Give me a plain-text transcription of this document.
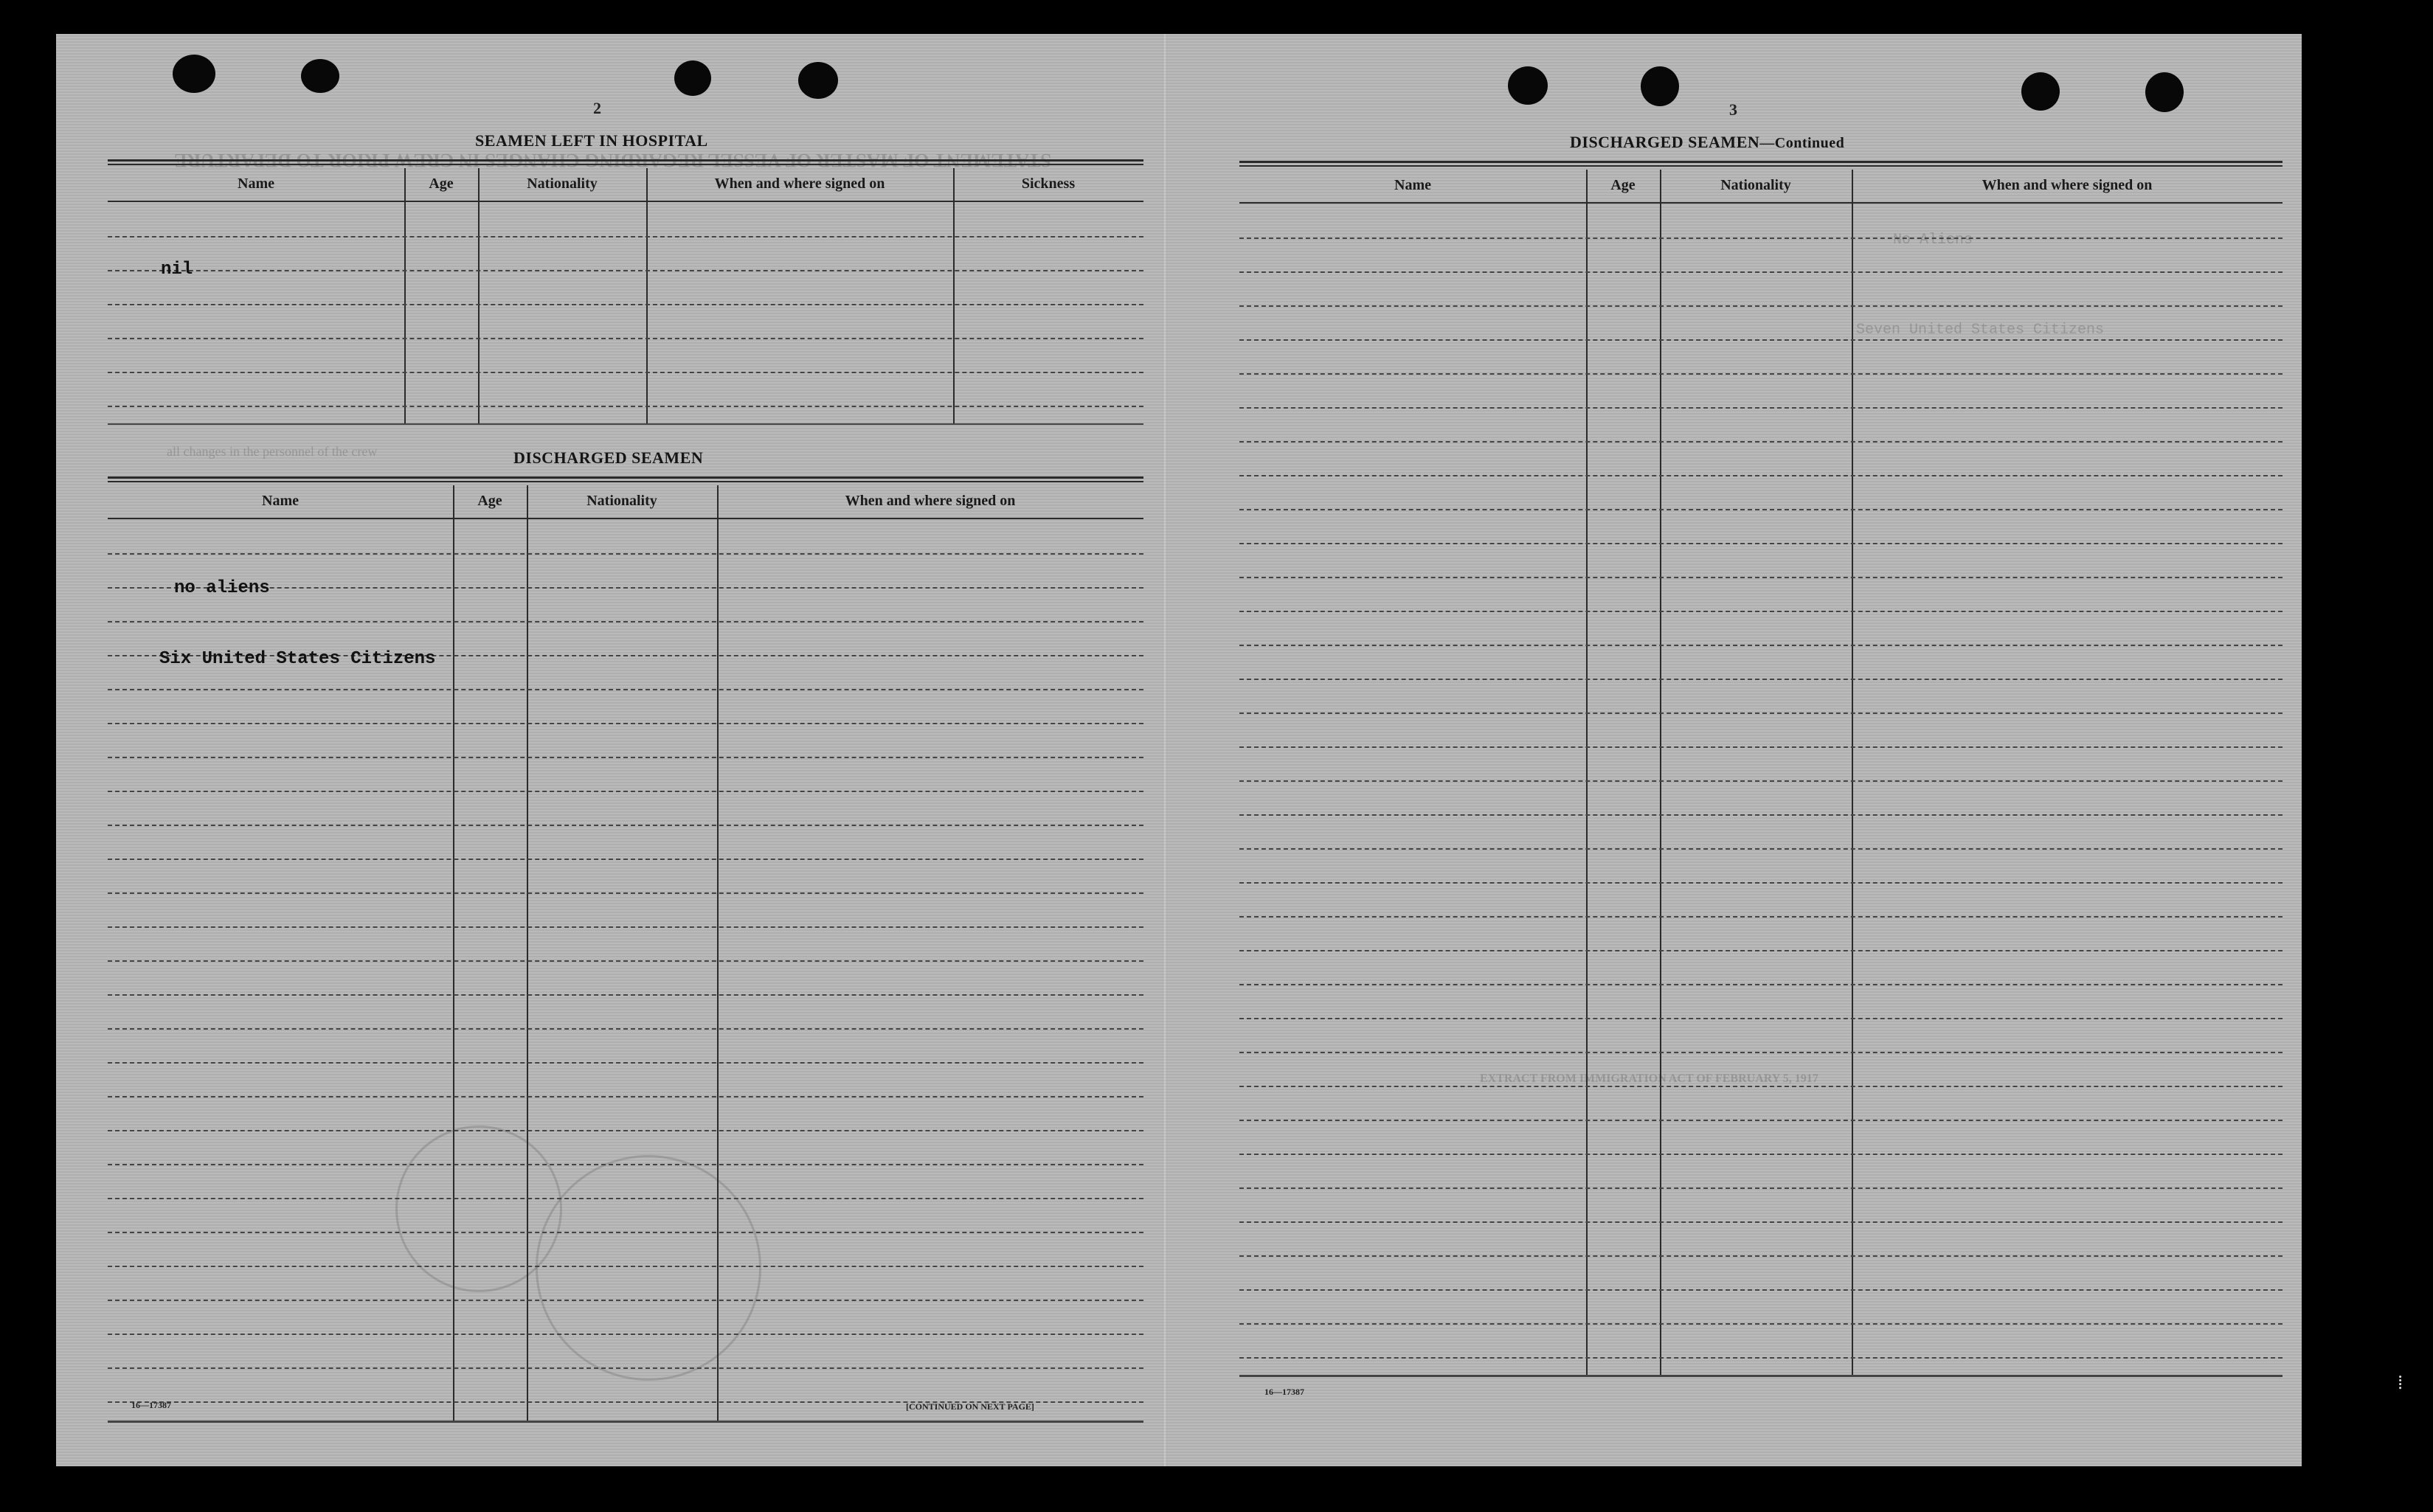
STATEMENT OF MASTER OF VESSEL REGARDING CHANGES IN CREW PRIOR TO DEPARTURE
No Aliens
Seven United States Citizens
all changes in the personnel of the crew
EXTRACT FROM IMMIGRATION ACT OF FEBRUARY 5, 1917
2
SEAMEN LEFT IN HOSPITAL
Name	Age	Nationality	When and where signed on	Sickness
nil
DISCHARGED SEAMEN
Name	Age	Nationality	When and where signed on
no aliens
Six United States Citizens
16—17387	[CONTINUED ON NEXT PAGE]
3
DISCHARGED SEAMEN—Continued
Name	Age	Nationality	When and where signed on
16—17387	⁞
